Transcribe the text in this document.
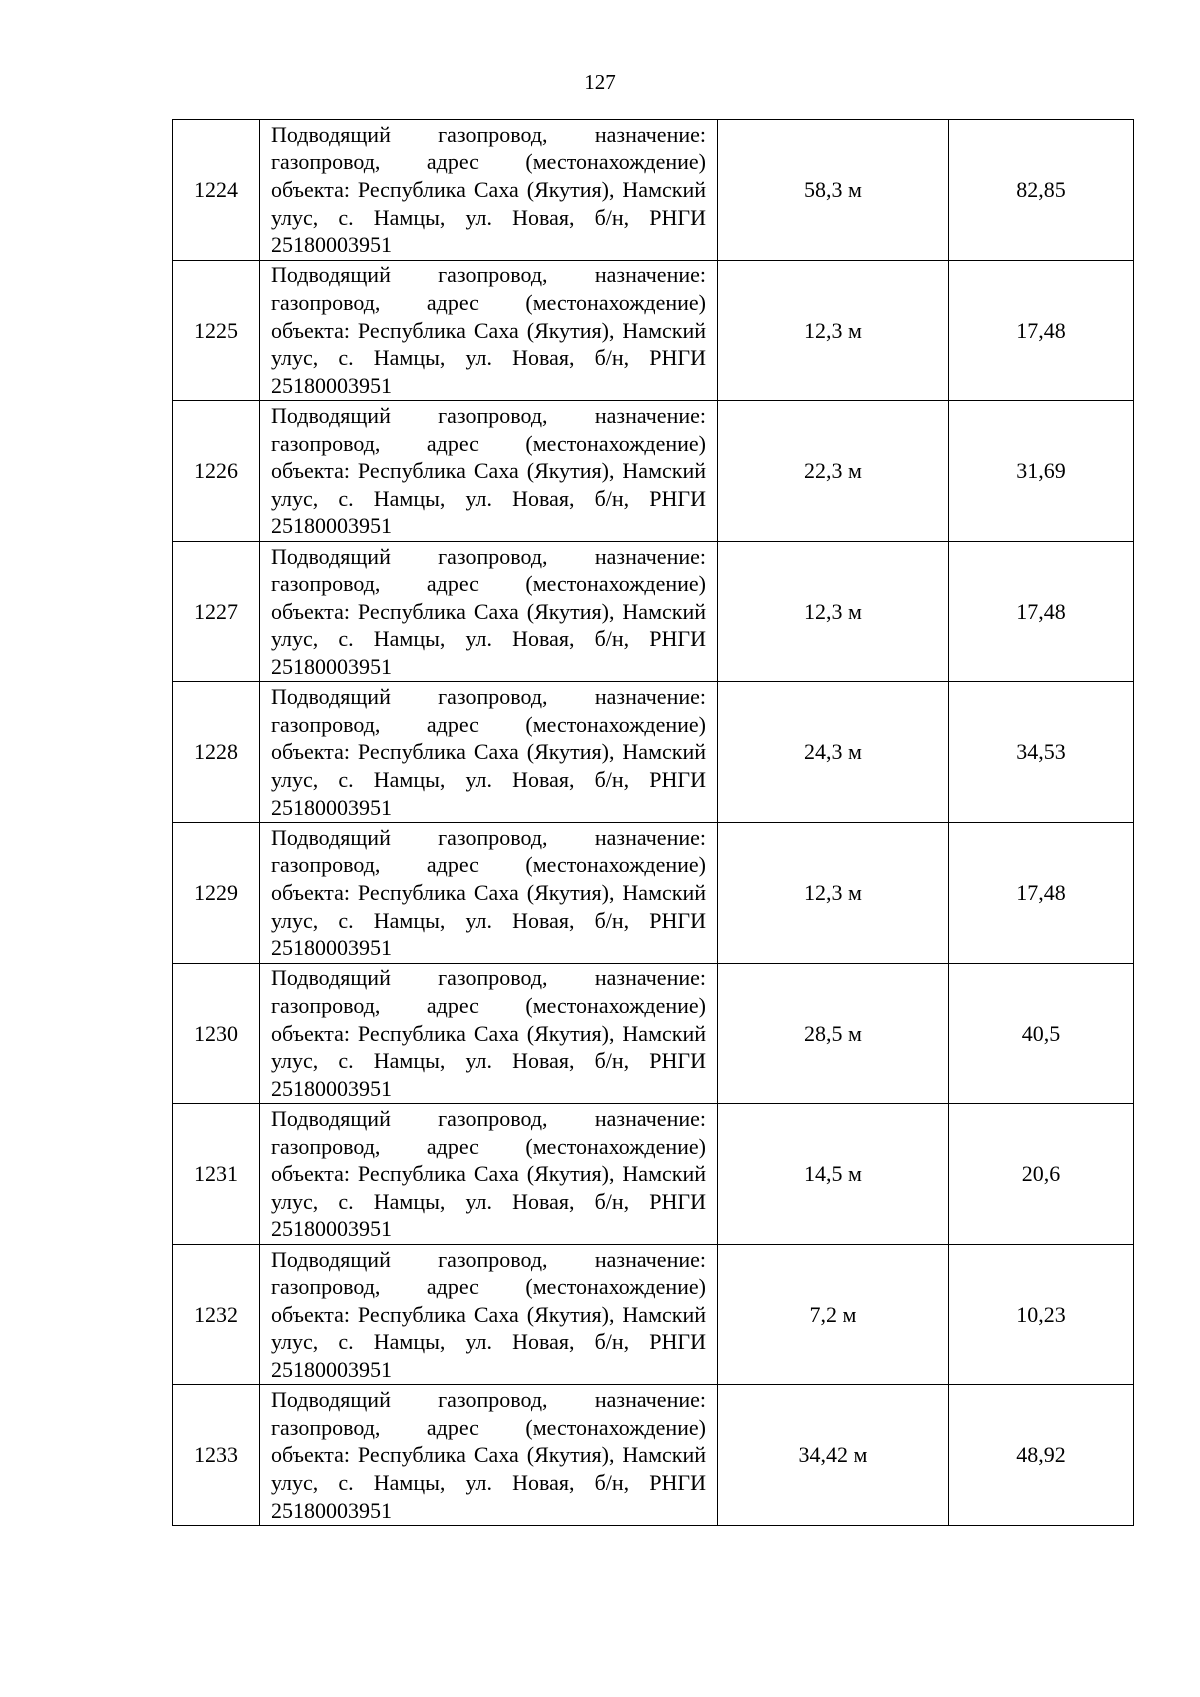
127
1224	Подводящий газопровод, назначение: газопровод, адрес (местонахождение) объекта: Республика Саха (Якутия), Намский улус, с. Намцы, ул. Новая, б/н, РНГИ 25180003951	58,3 м	82,85
1225	Подводящий газопровод, назначение: газопровод, адрес (местонахождение) объекта: Республика Саха (Якутия), Намский улус, с. Намцы, ул. Новая, б/н, РНГИ 25180003951	12,3 м	17,48
1226	Подводящий газопровод, назначение: газопровод, адрес (местонахождение) объекта: Республика Саха (Якутия), Намский улус, с. Намцы, ул. Новая, б/н, РНГИ 25180003951	22,3 м	31,69
1227	Подводящий газопровод, назначение: газопровод, адрес (местонахождение) объекта: Республика Саха (Якутия), Намский улус, с. Намцы, ул. Новая, б/н, РНГИ 25180003951	12,3 м	17,48
1228	Подводящий газопровод, назначение: газопровод, адрес (местонахождение) объекта: Республика Саха (Якутия), Намский улус, с. Намцы, ул. Новая, б/н, РНГИ 25180003951	24,3 м	34,53
1229	Подводящий газопровод, назначение: газопровод, адрес (местонахождение) объекта: Республика Саха (Якутия), Намский улус, с. Намцы, ул. Новая, б/н, РНГИ 25180003951	12,3 м	17,48
1230	Подводящий газопровод, назначение: газопровод, адрес (местонахождение) объекта: Республика Саха (Якутия), Намский улус, с. Намцы, ул. Новая, б/н, РНГИ 25180003951	28,5 м	40,5
1231	Подводящий газопровод, назначение: газопровод, адрес (местонахождение) объекта: Республика Саха (Якутия), Намский улус, с. Намцы, ул. Новая, б/н, РНГИ 25180003951	14,5 м	20,6
1232	Подводящий газопровод, назначение: газопровод, адрес (местонахождение) объекта: Республика Саха (Якутия), Намский улус, с. Намцы, ул. Новая, б/н, РНГИ 25180003951	7,2 м	10,23
1233	Подводящий газопровод, назначение: газопровод, адрес (местонахождение) объекта: Республика Саха (Якутия), Намский улус, с. Намцы, ул. Новая, б/н, РНГИ 25180003951	34,42 м	48,92
